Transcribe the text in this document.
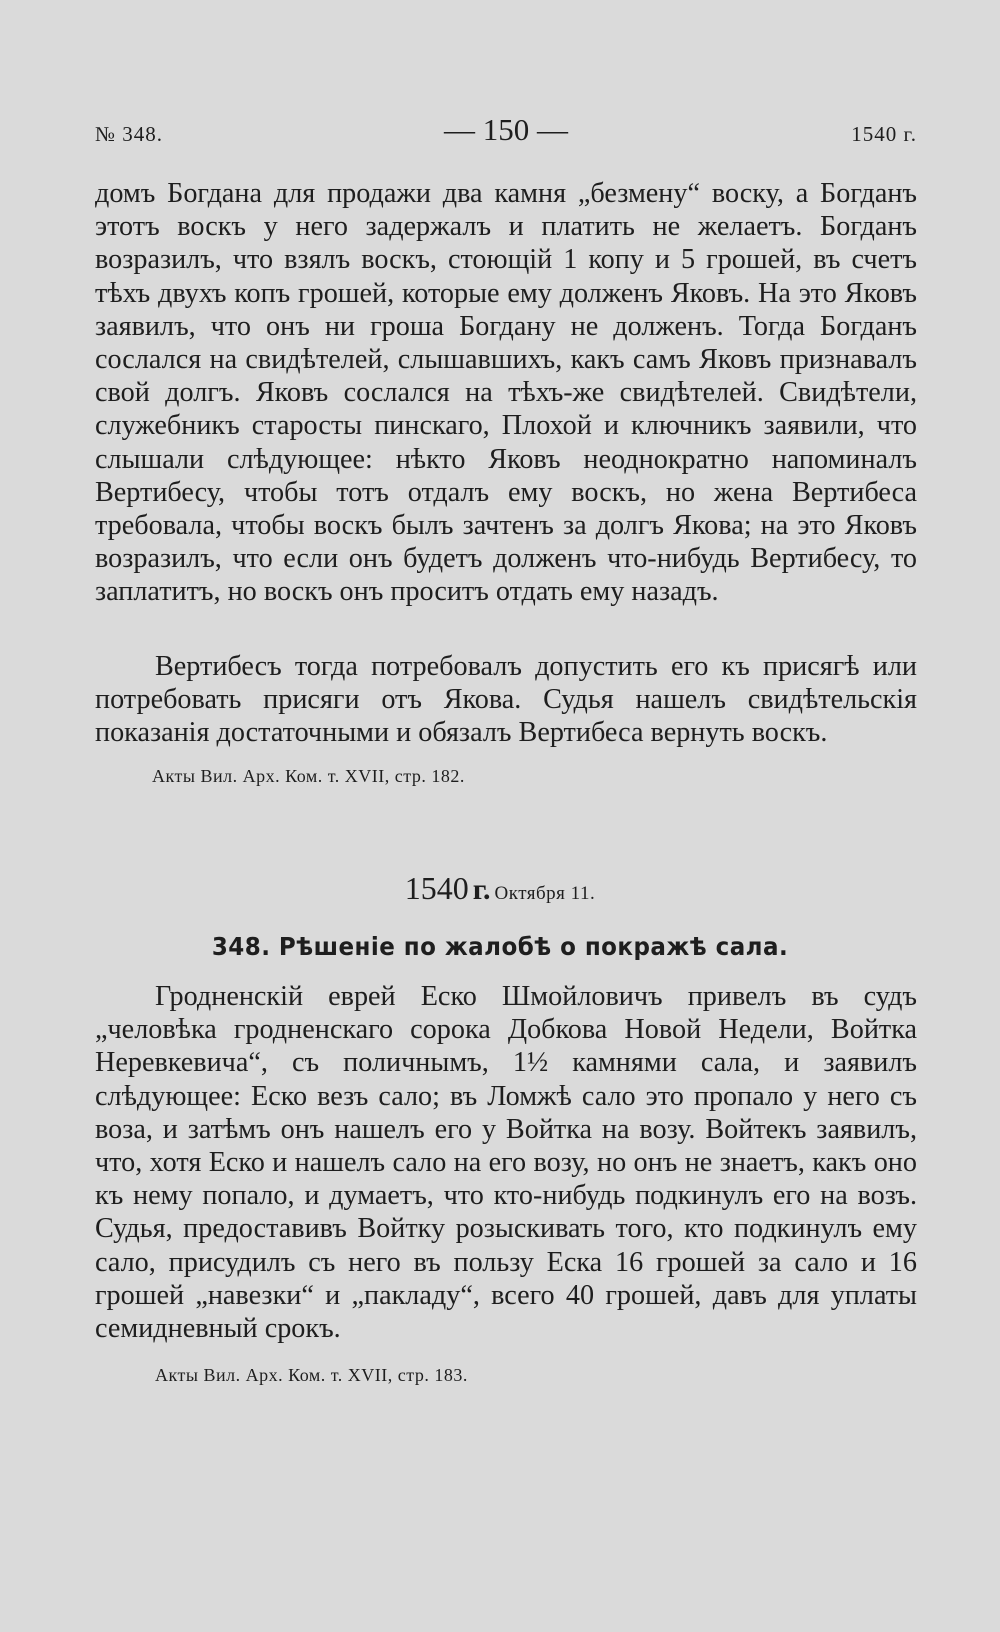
№ 348.	— 150 —	1540 г.
домъ Богдана для продажи два камня „безмену“ воску, а Богданъ этотъ воскъ у него задержалъ и платить не желаетъ. Богданъ возразилъ, что взялъ воскъ, стоющiй 1 копу и 5 грошей, въ счетъ тѣхъ двухъ копъ грошей, которые ему долженъ Яковъ. На это Яковъ заявилъ, что онъ ни гроша Богдану не долженъ. Тогда Богданъ сослался на свидѣтелей, слышавшихъ, какъ самъ Яковъ признавалъ свой долгъ. Яковъ сослался на тѣхъ-же свидѣтелей. Свидѣтели, служебникъ старосты пинскаго, Плохой и ключникъ заявили, что слышали слѣдующее: нѣкто Яковъ неоднократно напоминалъ Вертибесу, чтобы тотъ отдалъ ему воскъ, но жена Вертибеса требовала, чтобы воскъ былъ зачтенъ за долгъ Якова; на это Яковъ возразилъ, что если онъ будетъ долженъ что-нибудь Вертибесу, то заплатитъ, но воскъ онъ проситъ отдать ему назадъ.
Вертибесъ тогда потребовалъ допустить его къ присягѣ или потребовать присяги отъ Якова. Судья нашелъ свидѣтельскiя показанiя достаточными и обязалъ Вертибеса вернуть воскъ.
Акты Вил. Арх. Ком. т. XVII, стр. 182.
1540 г. Октября 11.
348. Рѣшенiе по жалобѣ о покражѣ сала.
Гродненскiй еврей Еско Шмойловичъ привелъ въ судъ „человѣка гродненскаго сорока Добкова Новой Недели, Войтка Неревкевича“, съ поличнымъ, 1½ камнями сала, и заявилъ слѣдующее: Еско везъ сало; въ Ломжѣ сало это пропало у него съ воза, и затѣмъ онъ нашелъ его у Войтка на возу. Войтекъ заявилъ, что, хотя Еско и нашелъ сало на его возу, но онъ не знаетъ, какъ оно къ нему попало, и думаетъ, что кто-нибудь подкинулъ его на возъ. Судья, предоставивъ Войтку розыскивать того, кто подкинулъ ему сало, присудилъ съ него въ пользу Еска 16 грошей за сало и 16 грошей „навезки“ и „пакладу“, всего 40 грошей, давъ для уплаты семидневный срокъ.
Акты Вил. Арх. Ком. т. XVII, стр. 183.
